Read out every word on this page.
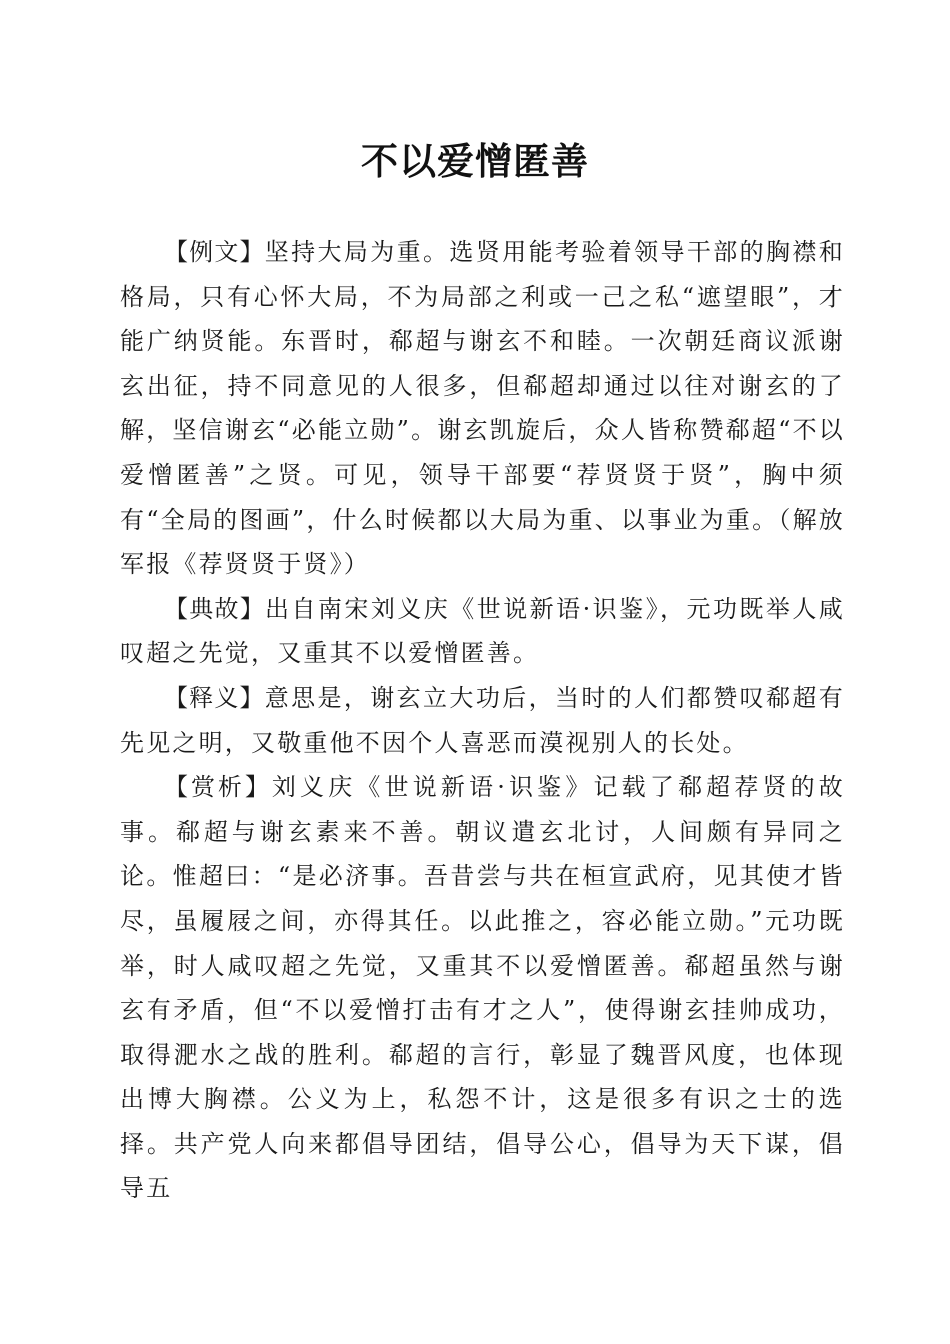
不以爱憎匿善

【例文】坚持大局为重。选贤用能考验着领导干部的胸襟和格局，只有心怀大局，不为局部之利或一己之私“遮望眼”，才能广纳贤能。东晋时，郗超与谢玄不和睦。一次朝廷商议派谢玄出征，持不同意见的人很多，但郗超却通过以往对谢玄的了解，坚信谢玄“必能立勋”。谢玄凯旋后，众人皆称赞郗超“不以爱憎匿善”之贤。可见，领导干部要“荐贤贤于贤”，胸中须有“全局的图画”，什么时候都以大局为重、以事业为重。（解放军报《荐贤贤于贤》）

【典故】出自南宋刘义庆《世说新语·识鉴》，元功既举人咸叹超之先觉，又重其不以爱憎匿善。

【释义】意思是，谢玄立大功后，当时的人们都赞叹郗超有先见之明，又敬重他不因个人喜恶而漠视别人的长处。

【赏析】刘义庆《世说新语·识鉴》记载了郗超荐贤的故事。郗超与谢玄素来不善。朝议遣玄北讨，人间颇有异同之论。惟超曰：“是必济事。吾昔尝与共在桓宣武府，见其使才皆尽，虽履屐之间，亦得其任。以此推之，容必能立勋。”元功既举，时人咸叹超之先觉，又重其不以爱憎匿善。郗超虽然与谢玄有矛盾，但“不以爱憎打击有才之人”，使得谢玄挂帅成功，取得淝水之战的胜利。郗超的言行，彰显了魏晋风度，也体现出博大胸襟。公义为上，私怨不计，这是很多有识之士的选择。共产党人向来都倡导团结，倡导公心，倡导为天下谋，倡导五
